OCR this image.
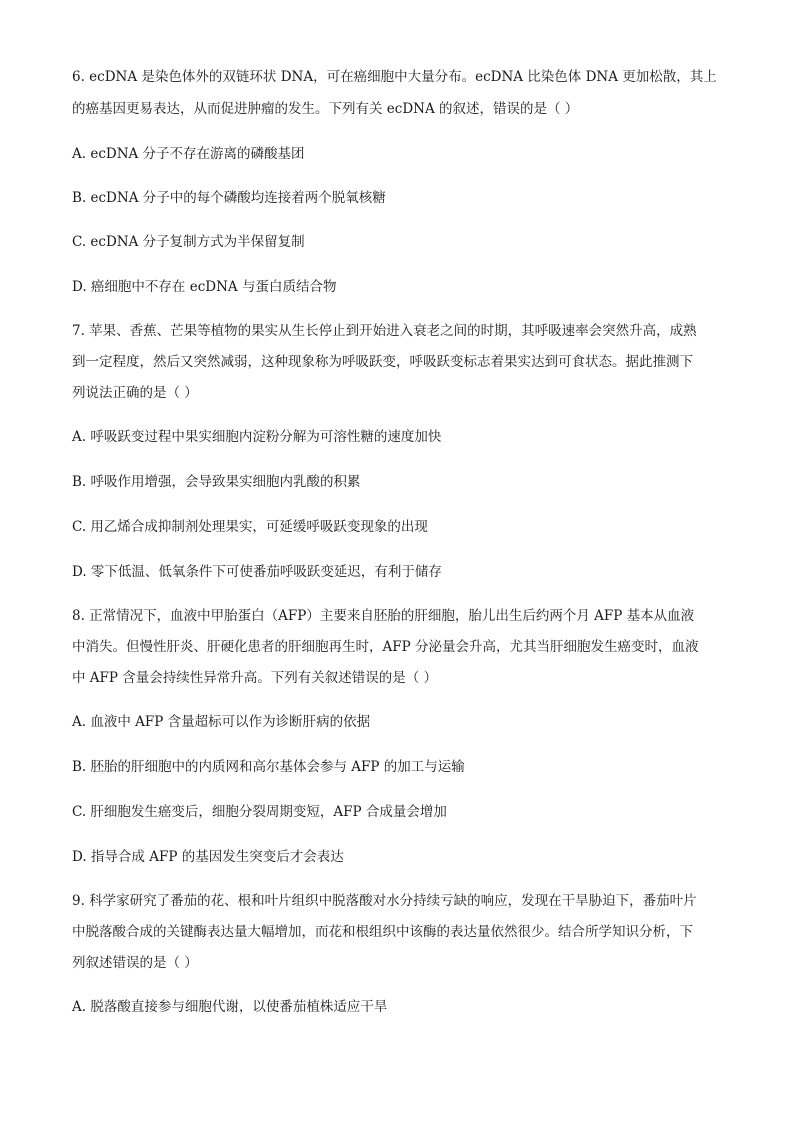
6. ecDNA 是染色体外的双链环状 DNA，可在癌细胞中大量分布。ecDNA 比染色体 DNA 更加松散，其上
的癌基因更易表达，从而促进肿瘤的发生。下列有关 ecDNA 的叙述，错误的是（ ）
A. ecDNA 分子不存在游离的磷酸基团
B. ecDNA 分子中的每个磷酸均连接着两个脱氧核糖
C. ecDNA 分子复制方式为半保留复制
D. 癌细胞中不存在 ecDNA 与蛋白质结合物
7. 苹果、香蕉、芒果等植物的果实从生长停止到开始进入衰老之间的时期，其呼吸速率会突然升高，成熟
到一定程度，然后又突然减弱，这种现象称为呼吸跃变，呼吸跃变标志着果实达到可食状态。据此推测下
列说法正确的是（ ）
A. 呼吸跃变过程中果实细胞内淀粉分解为可溶性糖的速度加快
B. 呼吸作用增强，会导致果实细胞内乳酸的积累
C. 用乙烯合成抑制剂处理果实，可延缓呼吸跃变现象的出现
D. 零下低温、低氧条件下可使番茄呼吸跃变延迟，有利于储存
8. 正常情况下，血液中甲胎蛋白（AFP）主要来自胚胎的肝细胞，胎儿出生后约两个月 AFP 基本从血液
中消失。但慢性肝炎、肝硬化患者的肝细胞再生时，AFP 分泌量会升高，尤其当肝细胞发生癌变时，血液
中 AFP 含量会持续性异常升高。下列有关叙述错误的是（ ）
A. 血液中 AFP 含量超标可以作为诊断肝病的依据
B. 胚胎的肝细胞中的内质网和高尔基体会参与 AFP 的加工与运输
C. 肝细胞发生癌变后，细胞分裂周期变短，AFP 合成量会增加
D. 指导合成 AFP 的基因发生突变后才会表达
9. 科学家研究了番茄的花、根和叶片组织中脱落酸对水分持续亏缺的响应，发现在干旱胁迫下，番茄叶片
中脱落酸合成的关键酶表达量大幅增加，而花和根组织中该酶的表达量依然很少。结合所学知识分析，下
列叙述错误的是（ ）
A. 脱落酸直接参与细胞代谢，以使番茄植株适应干旱
